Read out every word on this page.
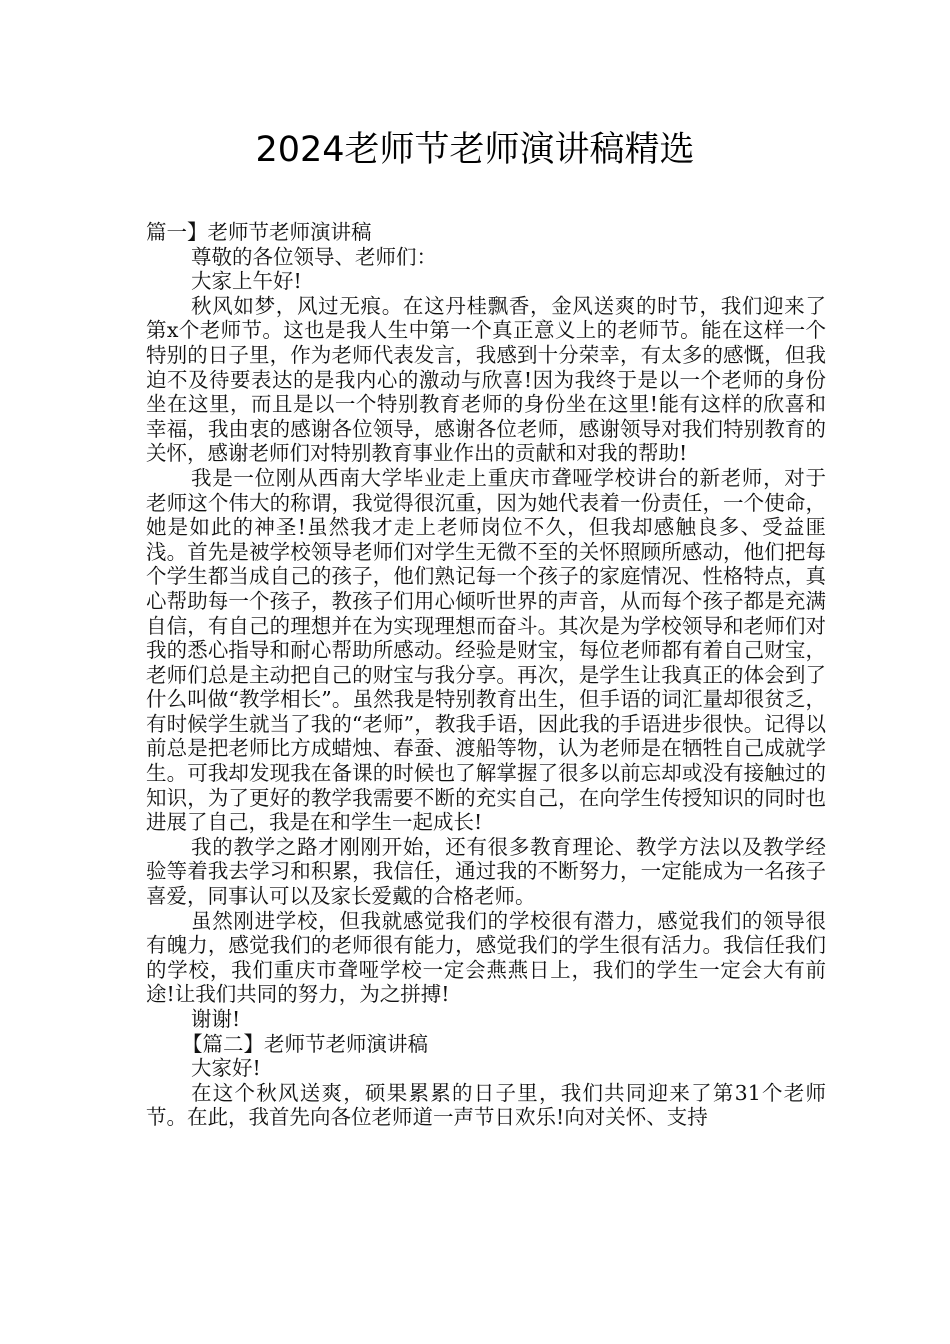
2024老师节老师演讲稿精选

篇一】老师节老师演讲稿

尊敬的各位领导、老师们：

大家上午好!

秋风如梦，风过无痕。在这丹桂飘香，金风送爽的时节，我们迎来了第x个老师节。这也是我人生中第一个真正意义上的老师节。能在这样一个特别的日子里，作为老师代表发言，我感到十分荣幸，有太多的感慨，但我迫不及待要表达的是我内心的激动与欣喜!因为我终于是以一个老师的身份坐在这里，而且是以一个特别教育老师的身份坐在这里!能有这样的欣喜和幸福，我由衷的感谢各位领导，感谢各位老师，感谢领导对我们特别教育的关怀，感谢老师们对特别教育事业作出的贡献和对我的帮助!

我是一位刚从西南大学毕业走上重庆市聋哑学校讲台的新老师，对于老师这个伟大的称谓，我觉得很沉重，因为她代表着一份责任，一个使命，她是如此的神圣!虽然我才走上老师岗位不久，但我却感触良多、受益匪浅。首先是被学校领导老师们对学生无微不至的关怀照顾所感动，他们把每个学生都当成自己的孩子，他们熟记每一个孩子的家庭情况、性格特点，真心帮助每一个孩子，教孩子们用心倾听世界的声音，从而每个孩子都是充满自信，有自己的理想并在为实现理想而奋斗。其次是为学校领导和老师们对我的悉心指导和耐心帮助所感动。经验是财宝，每位老师都有着自己财宝，老师们总是主动把自己的财宝与我分享。再次，是学生让我真正的体会到了什么叫做“教学相长”。虽然我是特别教育出生，但手语的词汇量却很贫乏，有时候学生就当了我的“老师”，教我手语，因此我的手语进步很快。记得以前总是把老师比方成蜡烛、春蚕、渡船等物，认为老师是在牺牲自己成就学生。可我却发现我在备课的时候也了解掌握了很多以前忘却或没有接触过的知识，为了更好的教学我需要不断的充实自己，在向学生传授知识的同时也进展了自己，我是在和学生一起成长!

我的教学之路才刚刚开始，还有很多教育理论、教学方法以及教学经验等着我去学习和积累，我信任，通过我的不断努力，一定能成为一名孩子喜爱，同事认可以及家长爱戴的合格老师。

虽然刚进学校，但我就感觉我们的学校很有潜力，感觉我们的领导很有魄力，感觉我们的老师很有能力，感觉我们的学生很有活力。我信任我们的学校，我们重庆市聋哑学校一定会燕燕日上，我们的学生一定会大有前途!让我们共同的努力，为之拼搏!

谢谢!

【篇二】老师节老师演讲稿

大家好!

在这个秋风送爽，硕果累累的日子里，我们共同迎来了第31个老师节。在此，我首先向各位老师道一声节日欢乐!向对关怀、支持
